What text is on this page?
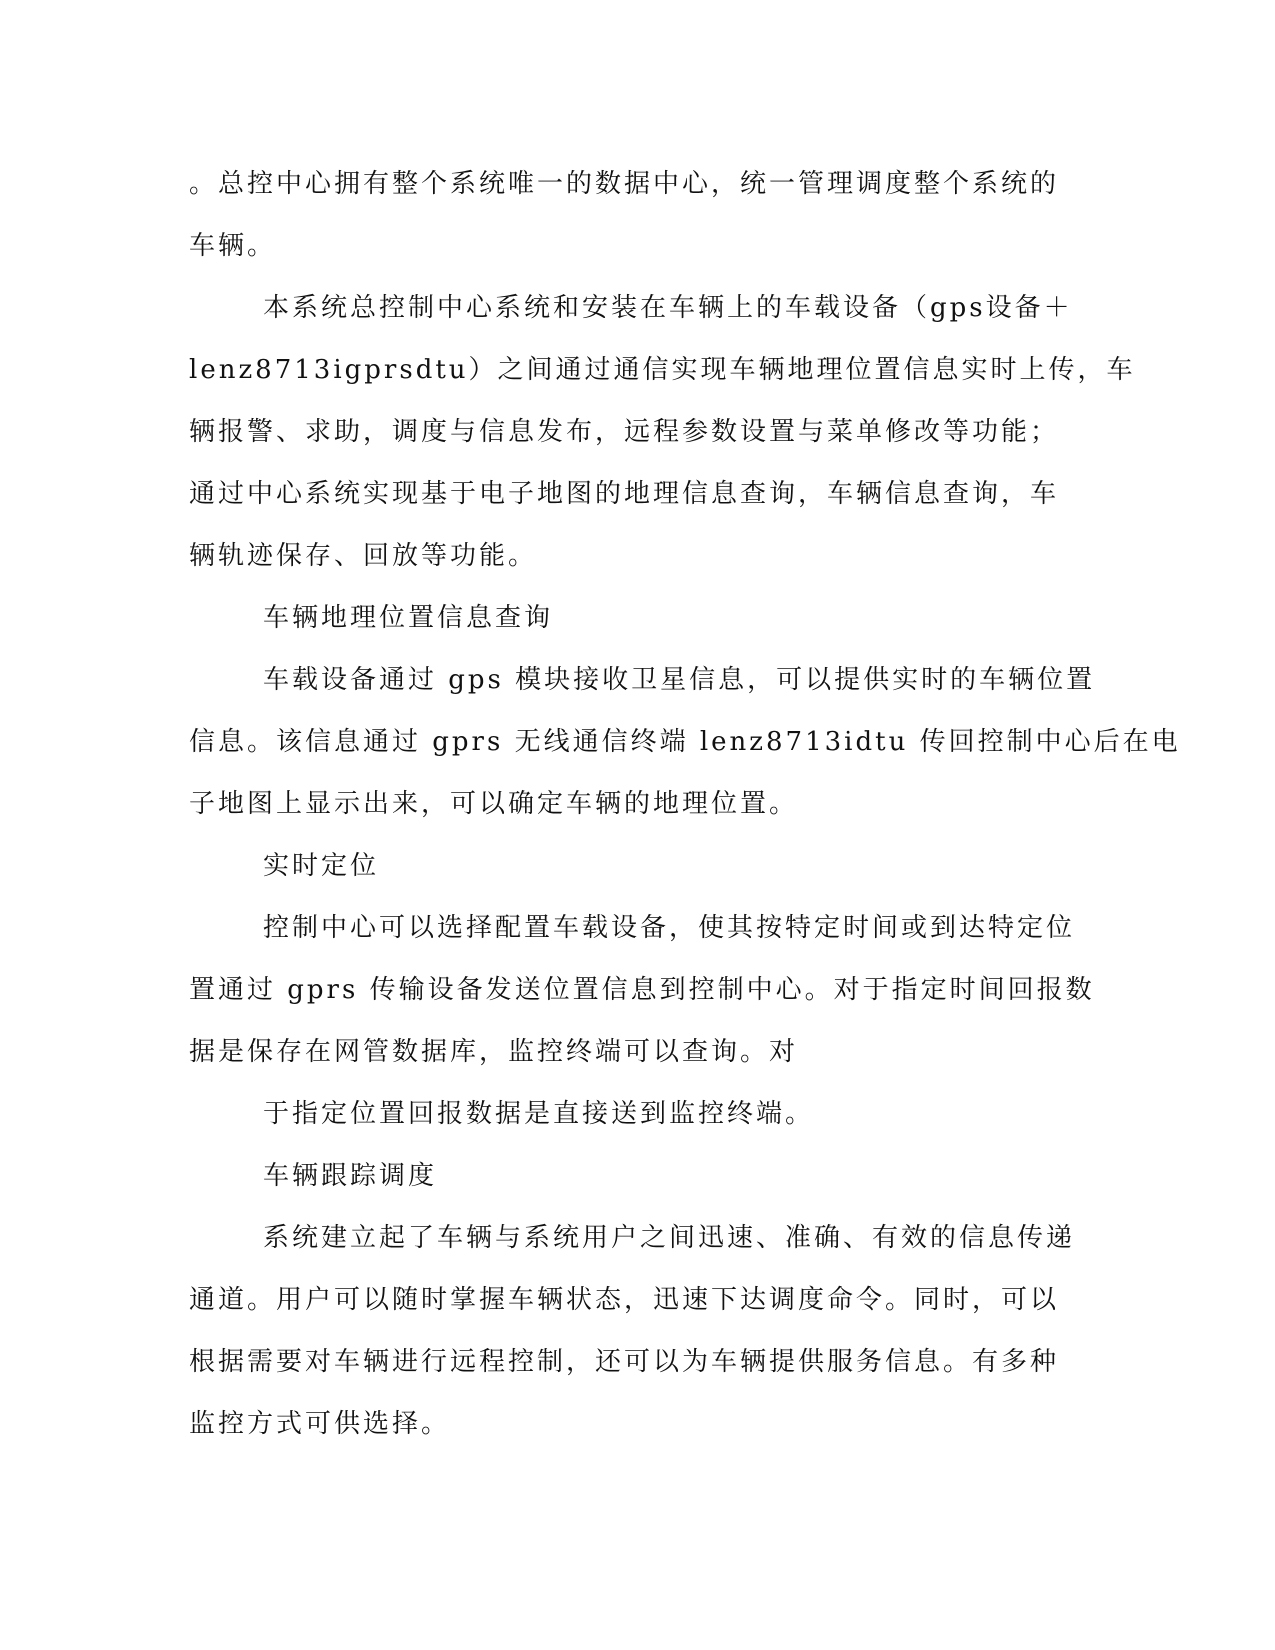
。总控中心拥有整个系统唯一的数据中心，统一管理调度整个系统的
车辆。
本系统总控制中心系统和安装在车辆上的车载设备（gps设备＋
lenz8713igprsdtu）之间通过通信实现车辆地理位置信息实时上传，车
辆报警、求助，调度与信息发布，远程参数设置与菜单修改等功能；
通过中心系统实现基于电子地图的地理信息查询，车辆信息查询，车
辆轨迹保存、回放等功能。
车辆地理位置信息查询
车载设备通过 gps 模块接收卫星信息，可以提供实时的车辆位置
信息。该信息通过 gprs 无线通信终端 lenz8713idtu 传回控制中心后在电
子地图上显示出来，可以确定车辆的地理位置。
实时定位
控制中心可以选择配置车载设备，使其按特定时间或到达特定位
置通过 gprs 传输设备发送位置信息到控制中心。对于指定时间回报数
据是保存在网管数据库，监控终端可以查询。对
于指定位置回报数据是直接送到监控终端。
车辆跟踪调度
系统建立起了车辆与系统用户之间迅速、准确、有效的信息传递
通道。用户可以随时掌握车辆状态，迅速下达调度命令。同时，可以
根据需要对车辆进行远程控制，还可以为车辆提供服务信息。有多种
监控方式可供选择。
